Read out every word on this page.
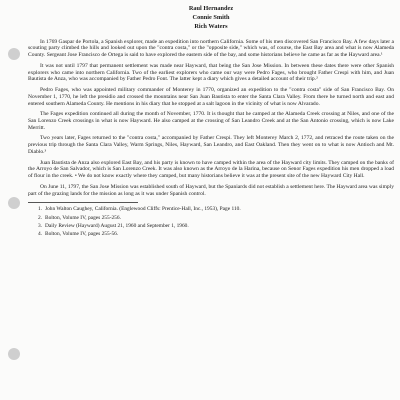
Raul Hernandez

Connie Smith

Rich Waters

In 1769 Gaspar de Portola, a Spanish explorer, made an expedition into northern California. Some of his men discovered San Francisco Bay. A few days later a scouting party climbed the hills and looked out upon the "contra costa," or the "opposite side," which was, of course, the East Bay area and what is now Alameda County. Sergeant Jose Francisco de Ortega is said to have explored the eastern side of the bay, and some historians believe he came as far as the Hayward area.¹

It was not until 1797 that permanent settlement was made near Hayward, that being the San Jose Mission. In between these dates there were other Spanish explorers who came into northern California. Two of the earliest explorers who came our way were Pedro Fages, who brought Father Crespi with him, and Juan Bautista de Anza, who was accompanied by Father Pedro Font. The latter kept a diary which gives a detailed account of their trip.²

Pedro Fages, who was appointed military commander of Monterey in 1770, organized an expedition to the "contra costa" side of San Francisco Bay. On November 1, 1770, he left the presidio and crossed the mountains near San Juan Bautista to enter the Santa Clara Valley. From there he turned north and east and entered southern Alameda County. He mentions in his diary that he stopped at a salt lagoon in the vicinity of what is now Alvarado.

The Fages expedition continued all during the month of November, 1770. It is thought that he camped at the Alameda Creek crossing at Niles, and one of the San Lorenzo Creek crossings in what is now Hayward. He also camped at the crossing of San Leandro Creek and at the San Antonio crossing, which is now Lake Merritt.

Two years later, Fages returned to the "contra costa," accompanied by Father Crespi. They left Monterey March 2, 1772, and retraced the route taken on the previous trip through the Santa Clara Valley, Warm Springs, Niles, Hayward, San Leandro, and East Oakland. Then they went on to what is now Antioch and Mt. Diablo.³

Juan Bautista de Anza also explored East Bay, and his party is known to have camped within the area of the Hayward city limits. They camped on the banks of the Arroyo de San Salvador, which is San Lorenzo Creek. It was also known as the Arroyo de la Harina, because on Senor Fages expedition his men dropped a load of flour in the creek. • We do not know exactly where they camped, but many historians believe it was at the present site of the new Hayward City Hall.

On June 11, 1797, the San Jose Mission was established south of Hayward, but the Spaniards did not establish a settlement here. The Hayward area was simply part of the grazing lands for the mission as long as it was under Spanish control.

1. John Walton Caughey, California. (Englewood Cliffs: Prentice-Hall, Inc., 1953), Page 110.

2. Bolton, Volume IV, pages 255-256.

3. Daily Review (Hayward) August 21, 1960 and September 1, 1960.

4. Bolton, Volume IV, pages 255-56.
